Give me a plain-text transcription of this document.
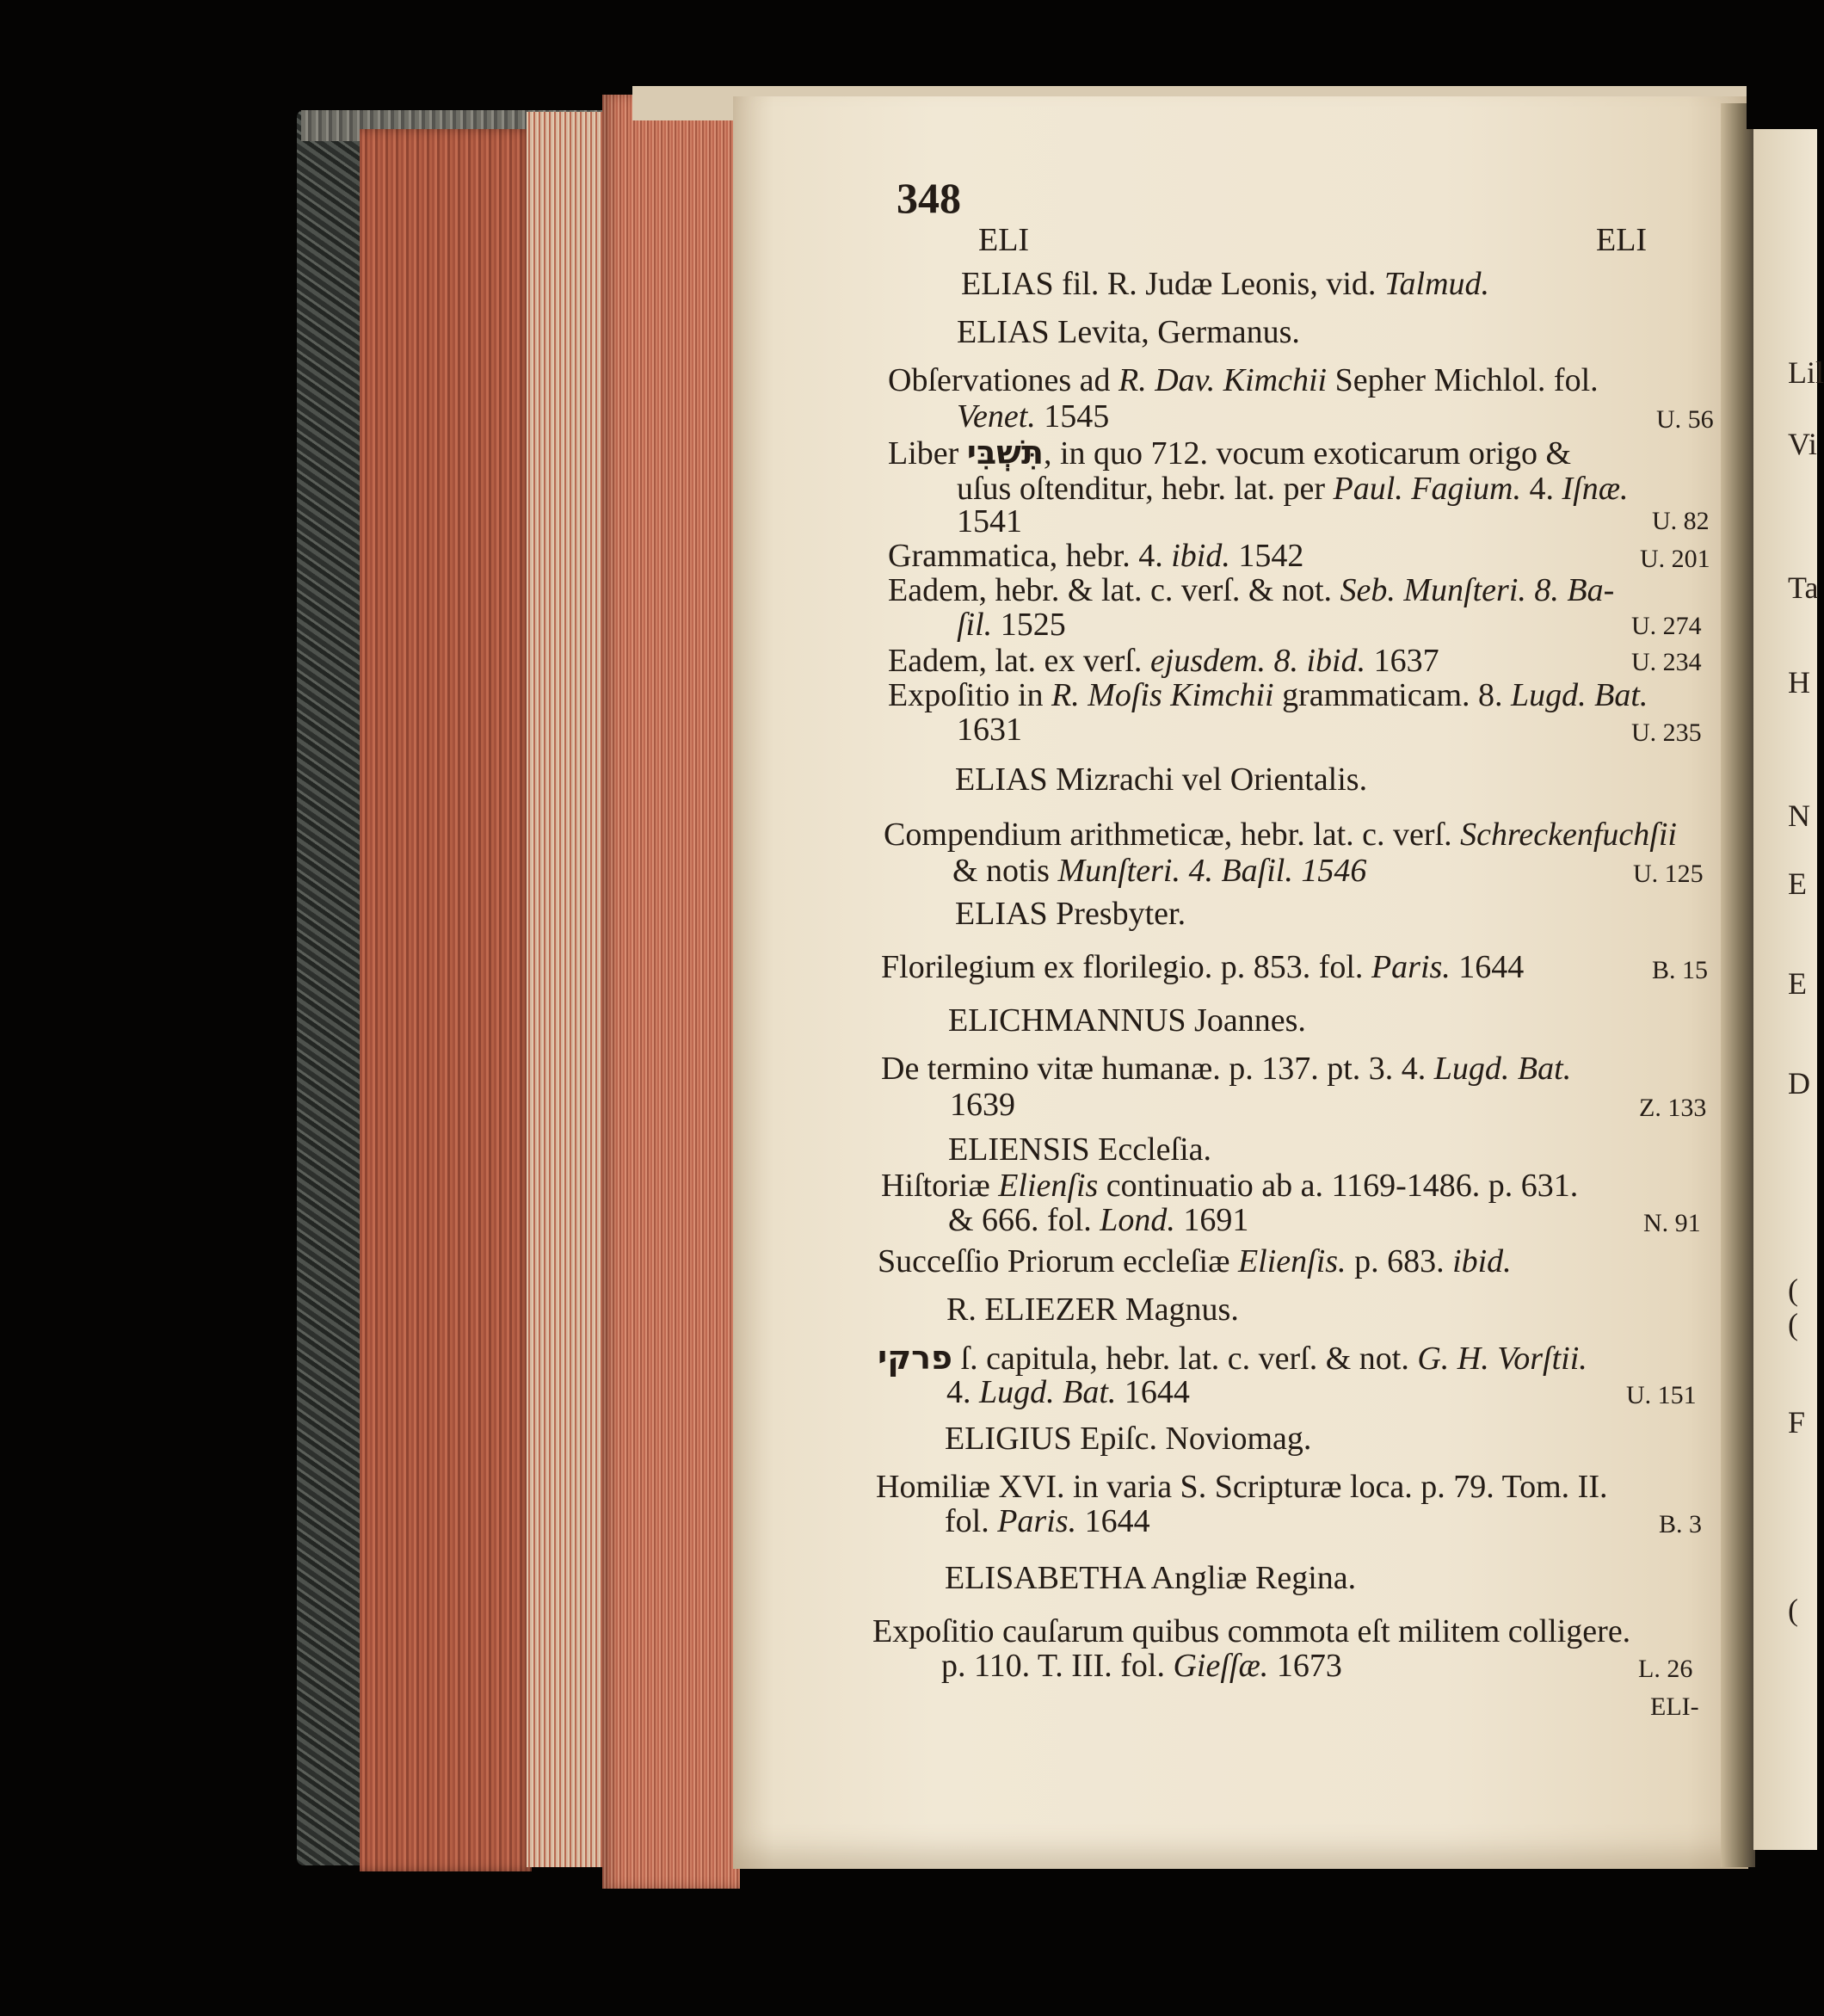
Lil
Vi
Ta
H
N
E
E
D
(
(
F
(
348
ELI	ELI
ELIAS fil. R. Judæ Leonis, vid. Talmud.
ELIAS Levita, Germanus.
Obſervationes ad R. Dav. Kimchii Sepher Michlol. fol.
Venet. 1545	U. 56
Liber תִּשְׁבִּי, in quo 712. vocum exoticarum origo &
uſus oſtenditur, hebr. lat. per Paul. Fagium. 4. Iſnæ.
1541	U. 82
Grammatica, hebr. 4. ibid. 1542	U. 201
Eadem, hebr. & lat. c. verſ. & not. Seb. Munſteri. 8. Ba-
ſil. 1525	U. 274
Eadem, lat. ex verſ. ejusdem. 8. ibid. 1637	U. 234
Expoſitio in R. Moſis Kimchii grammaticam. 8. Lugd. Bat.
1631	U. 235
ELIAS Mizrachi vel Orientalis.
Compendium arithmeticæ, hebr. lat. c. verſ. Schreckenfuchſii
& notis Munſteri. 4. Baſil. 1546	U. 125
ELIAS Presbyter.
Florilegium ex florilegio. p. 853. fol. Paris. 1644	B. 15
ELICHMANNUS Joannes.
De termino vitæ humanæ. p. 137. pt. 3. 4. Lugd. Bat.
1639	Z. 133
ELIENSIS Eccleſia.
Hiſtoriæ Elienſis continuatio ab a. 1169-1486. p. 631.
& 666. fol. Lond. 1691	N. 91
Succeſſio Priorum eccleſiæ Elienſis. p. 683. ibid.
R. ELIEZER Magnus.
פרקי ſ. capitula, hebr. lat. c. verſ. & not. G. H. Vorſtii.
4. Lugd. Bat. 1644	U. 151
ELIGIUS Epiſc. Noviomag.
Homiliæ XVI. in varia S. Scripturæ loca. p. 79. Tom. II.
fol. Paris. 1644	B. 3
ELISABETHA Angliæ Regina.
Expoſitio cauſarum quibus commota eſt militem colligere.
p. 110. T. III. fol. Gieſſæ. 1673	L. 26
ELI-
